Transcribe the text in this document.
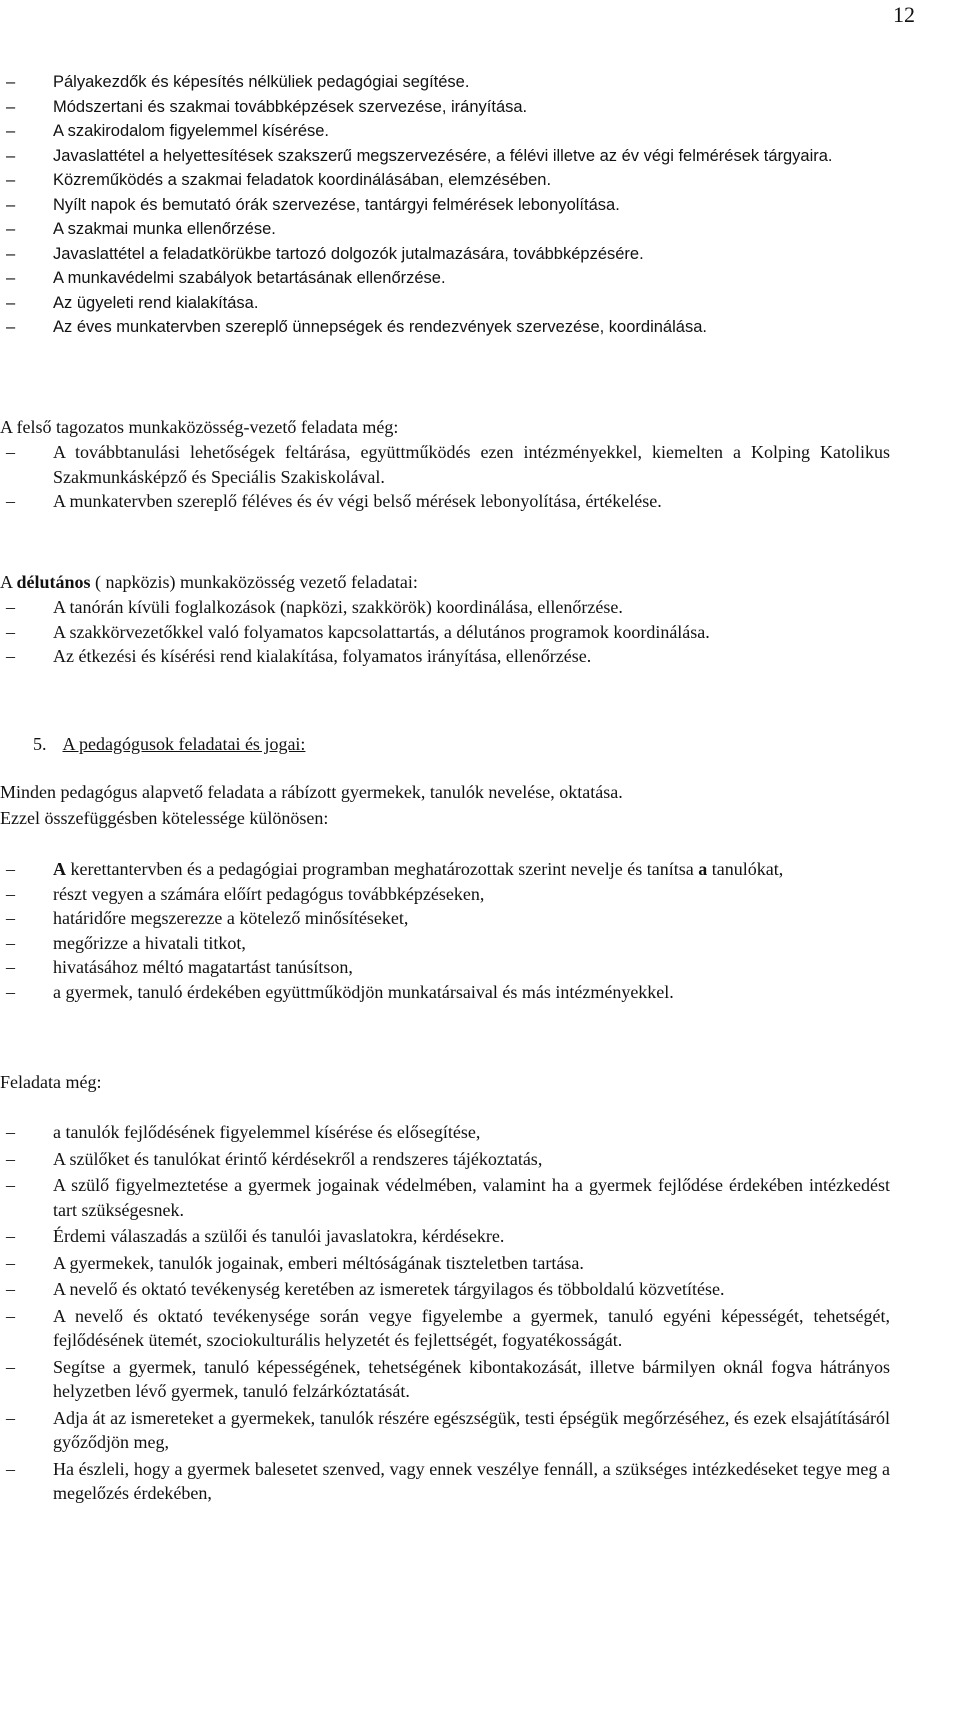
12
– Pályakezdők és képesítés nélküliek pedagógiai segítése.
– Módszertani és szakmai továbbképzések szervezése, irányítása.
– A szakirodalom figyelemmel kísérése.
– Javaslattétel a helyettesítések szakszerű megszervezésére, a félévi illetve az év végi felmérések tárgyaira.
– Közreműködés a szakmai feladatok koordinálásában, elemzésében.
– Nyílt napok és bemutató órák szervezése, tantárgyi felmérések lebonyolítása.
– A szakmai munka ellenőrzése.
– Javaslattétel a feladatkörükbe tartozó dolgozók jutalmazására, továbbképzésére.
– A munkavédelmi szabályok betartásának ellenőrzése.
– Az ügyeleti rend kialakítása.
– Az éves munkatervben szereplő ünnepségek és rendezvények szervezése, koordinálása.

A felső tagozatos munkaközösség-vezető feladata még:

– A továbbtanulási lehetőségek feltárása, együttműködés ezen intézményekkel, kiemelten a Kolping Katolikus Szakmunkásképző és Speciális Szakiskolával.
– A munkatervben szereplő féléves és év végi belső mérések lebonyolítása, értékelése.

A délutános ( napközis) munkaközösség vezető feladatai:

– A tanórán kívüli foglalkozások (napközi, szakkörök) koordinálása, ellenőrzése.
– A szakkörvezetőkkel való folyamatos kapcsolattartás, a délutános programok koordinálása.
– Az étkezési és kísérési rend kialakítása, folyamatos irányítása, ellenőrzése.

5. A pedagógusok feladatai és jogai:

Minden pedagógus alapvető feladata a rábízott gyermekek, tanulók nevelése, oktatása.

Ezzel összefüggésben kötelessége különösen:

– A kerettantervben és a pedagógiai programban meghatározottak szerint nevelje és tanítsa a tanulókat,
– részt vegyen a számára előírt pedagógus továbbképzéseken,
– határidőre megszerezze a kötelező minősítéseket,
– megőrizze a hivatali titkot,
– hivatásához méltó magatartást tanúsítson,
– a gyermek, tanuló érdekében együttműködjön munkatársaival és más intézményekkel.

Feladata még:

– a tanulók fejlődésének figyelemmel kísérése és elősegítése,
– A szülőket és tanulókat érintő kérdésekről a rendszeres tájékoztatás,
– A szülő figyelmeztetése a gyermek jogainak védelmében, valamint ha a gyermek fejlődése érdekében intézkedést tart szükségesnek.
– Érdemi válaszadás a szülői és tanulói javaslatokra, kérdésekre.
– A gyermekek, tanulók jogainak, emberi méltóságának tiszteletben tartása.
– A nevelő és oktató tevékenység keretében az ismeretek tárgyilagos és többoldalú közvetítése.
– A nevelő és oktató tevékenysége során vegye figyelembe a gyermek, tanuló egyéni képességét, tehetségét, fejlődésének ütemét, szociokulturális helyzetét és fejlettségét, fogyatékosságát.
– Segítse a gyermek, tanuló képességének, tehetségének kibontakozását, illetve bármilyen oknál fogva hátrányos helyzetben lévő gyermek, tanuló felzárkóztatását.
– Adja át az ismereteket a gyermekek, tanulók részére egészségük, testi épségük megőrzéséhez, és ezek elsajátításáról győződjön meg,
– Ha észleli, hogy a gyermek balesetet szenved, vagy ennek veszélye fennáll, a szükséges intézkedéseket tegye meg a megelőzés érdekében,
